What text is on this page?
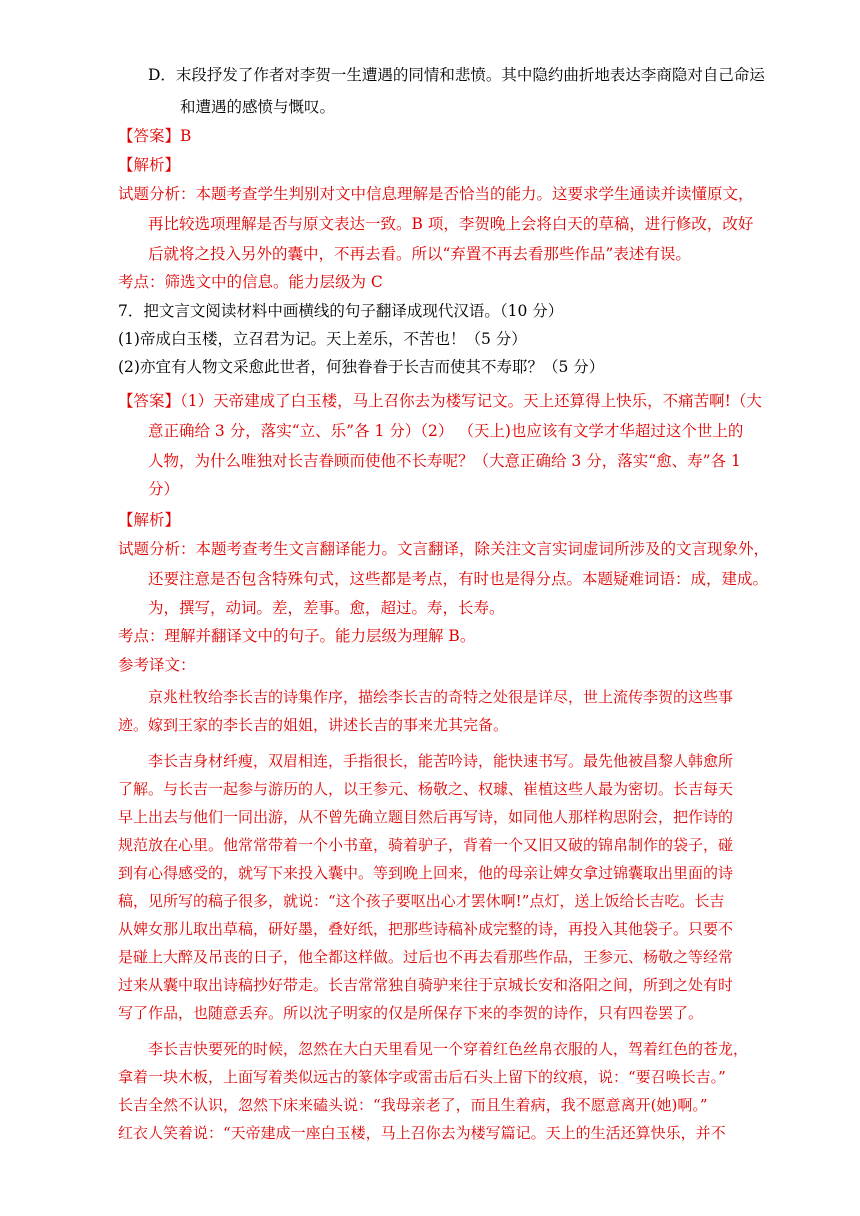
D．末段抒发了作者对李贺一生遭遇的同情和悲愤。其中隐约曲折地表达李商隐对自己命运
和遭遇的感愤与慨叹。
【答案】B
【解析】
试题分析：本题考查学生判别对文中信息理解是否恰当的能力。这要求学生通读并读懂原文，
再比较选项理解是否与原文表达一致。B 项，李贺晚上会将白天的草稿，进行修改，改好
后就将之投入另外的囊中，不再去看。所以“弃置不再去看那些作品”表述有误。
考点：筛选文中的信息。能力层级为 C
7．把文言文阅读材料中画横线的句子翻译成现代汉语。（10 分）
(1)帝成白玉楼，立召君为记。天上差乐，不苦也！（5 分）
(2)亦宜有人物文采愈此世者，何独眷眷于长吉而使其不寿耶？（5 分）
【答案】（1）天帝建成了白玉楼，马上召你去为楼写记文。天上还算得上快乐，不痛苦啊!（大
意正确给 3 分，落实“立、乐”各 1 分）（2） （天上)也应该有文学才华超过这个世上的
人物，为什么唯独对长吉眷顾而使他不长寿呢？（大意正确给 3 分，落实“愈、寿”各 1
分）
【解析】
试题分析：本题考查考生文言翻译能力。文言翻译，除关注文言实词虚词所涉及的文言现象外，
还要注意是否包含特殊句式，这些都是考点，有时也是得分点。本题疑难词语：成，建成。
为，撰写，动词。差，差事。愈，超过。寿，长寿。
考点：理解并翻译文中的句子。能力层级为理解 B。
参考译文：
京兆杜牧给李长吉的诗集作序，描绘李长吉的奇特之处很是详尽，世上流传李贺的这些事
迹。嫁到王家的李长吉的姐姐，讲述长吉的事来尤其完备。
李长吉身材纤瘦，双眉相连，手指很长，能苦吟诗，能快速书写。最先他被昌黎人韩愈所
了解。与长吉一起参与游历的人，以王参元、杨敬之、权璩、崔植这些人最为密切。长吉每天
早上出去与他们一同出游，从不曾先确立题目然后再写诗，如同他人那样构思附会，把作诗的
规范放在心里。他常常带着一个小书童，骑着驴子，背着一个又旧又破的锦帛制作的袋子，碰
到有心得感受的，就写下来投入囊中。等到晚上回来，他的母亲让婢女拿过锦囊取出里面的诗
稿，见所写的稿子很多，就说：“这个孩子要呕出心才罢休啊!”点灯，送上饭给长吉吃。长吉
从婢女那儿取出草稿，研好墨，叠好纸，把那些诗稿补成完整的诗，再投入其他袋子。只要不
是碰上大醉及吊丧的日子，他全都这样做。过后也不再去看那些作品，王参元、杨敬之等经常
过来从囊中取出诗稿抄好带走。长吉常常独自骑驴来往于京城长安和洛阳之间，所到之处有时
写了作品，也随意丢弃。所以沈子明家的仅是所保存下来的李贺的诗作，只有四卷罢了。
李长吉快要死的时候，忽然在大白天里看见一个穿着红色丝帛衣服的人，驾着红色的苍龙，
拿着一块木板，上面写着类似远古的篆体字或雷击后石头上留下的纹痕，说：“要召唤长吉。”
长吉全然不认识，忽然下床来磕头说：“我母亲老了，而且生着病，我不愿意离开(她)啊。”
红衣人笑着说：“天帝建成一座白玉楼，马上召你去为楼写篇记。天上的生活还算快乐，并不
